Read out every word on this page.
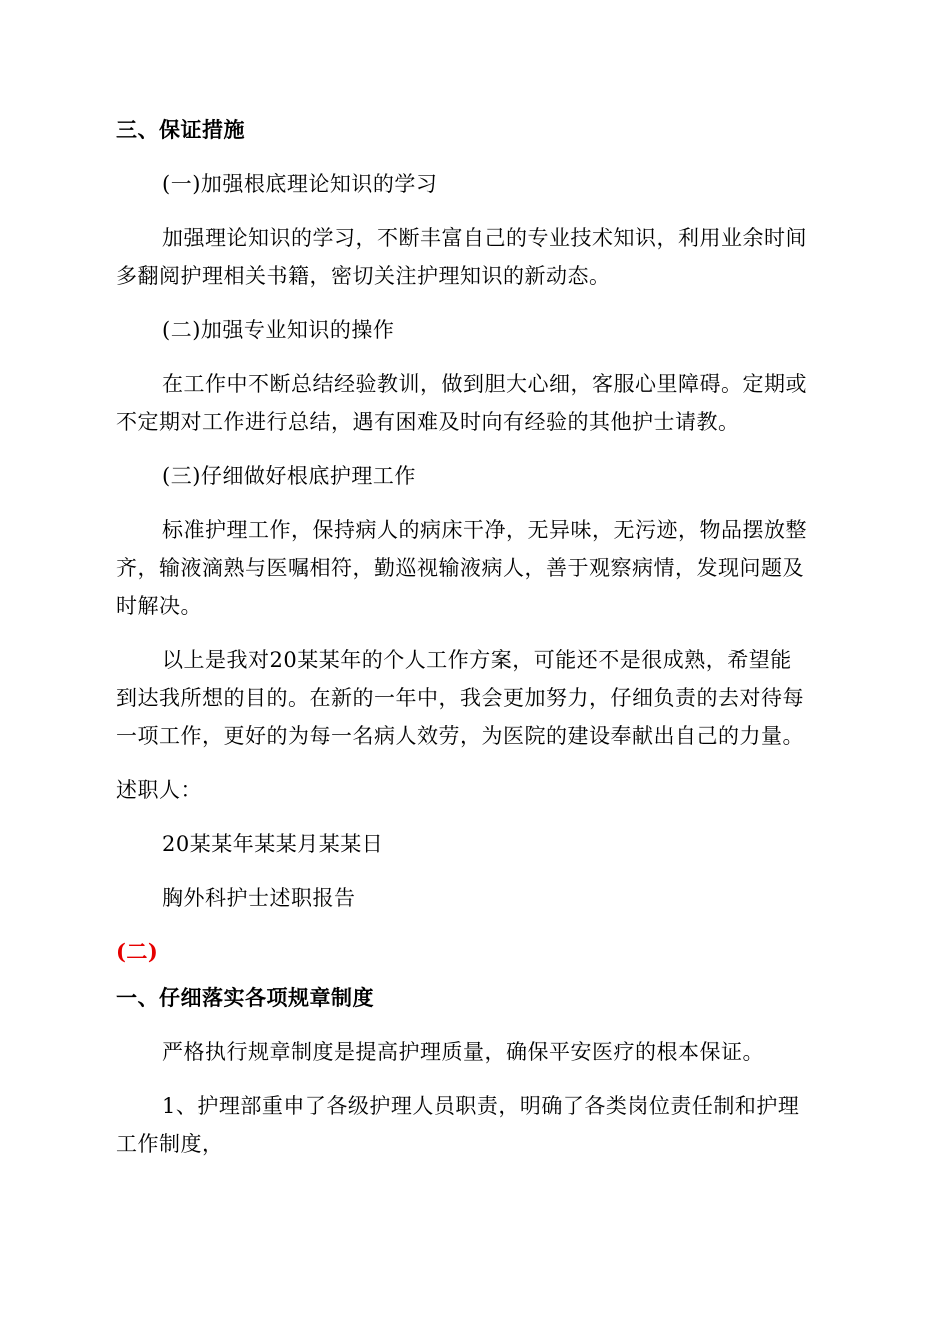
三、保证措施
(一)加强根底理论知识的学习
加强理论知识的学习，不断丰富自己的专业技术知识，利用业余时间
多翻阅护理相关书籍，密切关注护理知识的新动态。
(二)加强专业知识的操作
在工作中不断总结经验教训，做到胆大心细，客服心里障碍。定期或
不定期对工作进行总结，遇有困难及时向有经验的其他护士请教。
(三)仔细做好根底护理工作
标准护理工作，保持病人的病床干净，无异味，无污迹，物品摆放整
齐，输液滴熟与医嘱相符，勤巡视输液病人，善于观察病情，发现问题及
时解决。
以上是我对20某某年的个人工作方案，可能还不是很成熟，希望能
到达我所想的目的。在新的一年中，我会更加努力，仔细负责的去对待每
一项工作，更好的为每一名病人效劳，为医院的建设奉献出自己的力量。
述职人：
20某某年某某月某某日
胸外科护士述职报告
(二)
一、仔细落实各项规章制度
严格执行规章制度是提高护理质量，确保平安医疗的根本保证。
1、护理部重申了各级护理人员职责，明确了各类岗位责任制和护理
工作制度，
